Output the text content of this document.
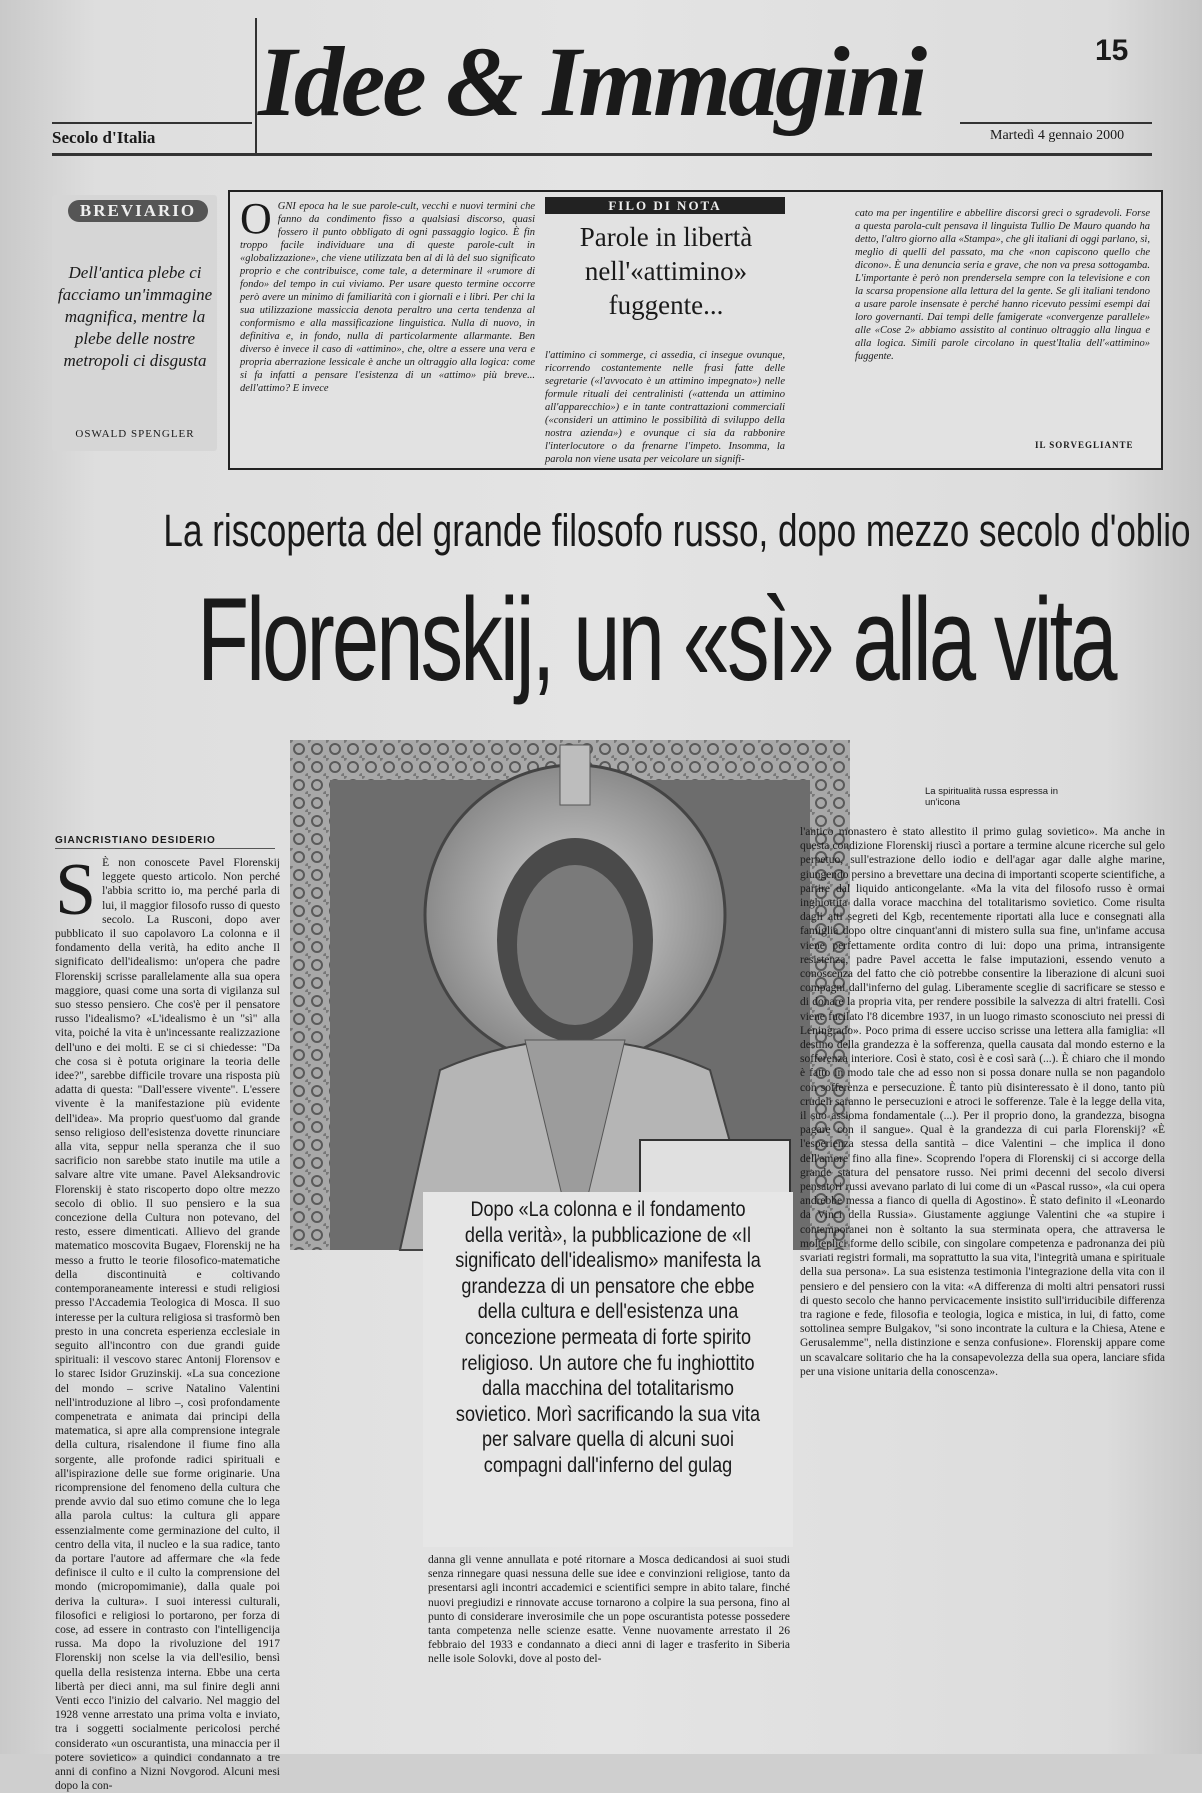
15
Idee & Immagini
Secolo d'Italia	Martedì 4 gennaio 2000
BREVIARIO
Dell'antica plebe ci facciamo un'immagine magnifica, mentre la plebe delle nostre metropoli ci disgusta
OSWALD SPENGLER
OGNI epoca ha le sue parole-cult, vecchi e nuovi termini che fanno da condimento fisso a qualsiasi discorso, quasi fossero il punto obbligato di ogni passaggio logico. È fin troppo facile individuare una di queste parole-cult in «globalizzazione», che viene utilizzata ben al di là del suo significato proprio e che contribuisce, come tale, a determinare il «rumore di fondo» del tempo in cui viviamo. Per usare questo termine occorre però avere un minimo di familiarità con i giornali e i libri. Per chi la sua utilizzazione massiccia denota peraltro una certa tendenza al conformismo e alla massificazione linguistica. Nulla di nuovo, in definitiva e, in fondo, nulla di particolarmente allarmante. Ben diverso è invece il caso di «attimino», che, oltre a essere una vera e propria aberrazione lessicale è anche un oltraggio alla logica: come si fa infatti a pensare l'esistenza di un «attimo» più breve... dell'attimo? E invece
FILO DI NOTA
Parole in libertà nell'«attimino» fuggente...
l'attimino ci sommerge, ci assedia, ci insegue ovunque, ricorrendo costantemente nelle frasi fatte delle segretarie («l'avvocato è un attimino impegnato») nelle formule rituali dei centralinisti («attenda un attimino all'apparecchio») e in tante contrattazioni commerciali («consideri un attimino le possibilità di sviluppo della nostra azienda») e ovunque ci sia da rabbonire l'interlocutore o da frenarne l'impeto. Insomma, la parola non viene usata per veicolare un signifi-
cato ma per ingentilire e abbellire discorsi greci o sgradevoli. Forse a questa parola-cult pensava il linguista Tullio De Mauro quando ha detto, l'altro giorno alla «Stampa», che gli italiani di oggi parlano, sì, meglio di quelli del passato, ma che «non capiscono quello che dicono». È una denuncia seria e grave, che non va presa sottogamba. L'importante è però non prendersela sempre con la televisione e con la scarsa propensione alla lettura del la gente. Se gli italiani tendono a usare parole insensate è perché hanno ricevuto pessimi esempi dai loro governanti. Dai tempi delle famigerate «convergenze parallele» alle «Cose 2» abbiamo assistito al continuo oltraggio alla lingua e alla logica. Simili parole circolano in quest'Italia dell'«attimino» fuggente.
IL SORVEGLIANTE
La riscoperta del grande filosofo russo, dopo mezzo secolo d'oblio
Florenskij, un «sì» alla vita
GIANCRISTIANO DESIDERIO
S È non conoscete Pavel Florenskij leggete questo articolo. Non perché l'abbia scritto io, ma perché parla di lui, il maggior filosofo russo di questo secolo. La Rusconi, dopo aver pubblicato il suo capolavoro La colonna e il fondamento della verità, ha edito anche Il significato dell'idealismo: un'opera che padre Florenskij scrisse parallelamente alla sua opera maggiore, quasi come una sorta di vigilanza sul suo stesso pensiero. Che cos'è per il pensatore russo l'idealismo? «L'idealismo è un "sì" alla vita, poiché la vita è un'incessante realizzazione dell'uno e dei molti. E se ci si chiedesse: "Da che cosa si è potuta originare la teoria delle idee?", sarebbe difficile trovare una risposta più adatta di questa: "Dall'essere vivente". L'essere vivente è la manifestazione più evidente dell'idea». Ma proprio quest'uomo dal grande senso religioso dell'esistenza dovette rinunciare alla vita, seppur nella speranza che il suo sacrificio non sarebbe stato inutile ma utile a salvare altre vite umane. Pavel Aleksandrovic Florenskij è stato riscoperto dopo oltre mezzo secolo di oblio. Il suo pensiero e la sua concezione della Cultura non potevano, del resto, essere dimenticati. Allievo del grande matematico moscovita Bugaev, Florenskij ne ha messo a frutto le teorie filosofico-matematiche della discontinuità e coltivando contemporaneamente interessi e studi religiosi presso l'Accademia Teologica di Mosca. Il suo interesse per la cultura religiosa si trasformò ben presto in una concreta esperienza ecclesiale in seguito all'incontro con due grandi guide spirituali: il vescovo starec Antonij Florensov e lo starec Isidor Gruzinskij. «La sua concezione del mondo – scrive Natalino Valentini nell'introduzione al libro –, così profondamente compenetrata e animata dai principi della matematica, si apre alla comprensione integrale della cultura, risalendone il fiume fino alla sorgente, alle profonde radici spirituali e all'ispirazione delle sue forme originarie. Una ricomprensione del fenomeno della cultura che prende avvio dal suo etimo comune che lo lega alla parola cultus: la cultura gli appare essenzialmente come germinazione del culto, il centro della vita, il nucleo e la sua radice, tanto da portare l'autore ad affermare che «la fede definisce il culto e il culto la comprensione del mondo (micropomimanie), dalla quale poi deriva la cultura». I suoi interessi culturali, filosofici e religiosi lo portarono, per forza di cose, ad essere in contrasto con l'intelligencija russa. Ma dopo la rivoluzione del 1917 Florenskij non scelse la via dell'esilio, bensì quella della resistenza interna. Ebbe una certa libertà per dieci anni, ma sul finire degli anni Venti ecco l'inizio del calvario. Nel maggio del 1928 venne arrestato una prima volta e inviato, tra i soggetti socialmente pericolosi perché considerato «un oscurantista, una minaccia per il potere sovietico» a quindici condannato a tre anni di confino a Nizni Novgorod. Alcuni mesi dopo la con-
La spiritualità russa espressa in un'icona
Dopo «La colonna e il fondamento della verità», la pubblicazione de «Il significato dell'idealismo» manifesta la grandezza di un pensatore che ebbe della cultura e dell'esistenza una concezione permeata di forte spirito religioso. Un autore che fu inghiottito dalla macchina del totalitarismo sovietico. Morì sacrificando la sua vita per salvare quella di alcuni suoi compagni dall'inferno del gulag
danna gli venne annullata e poté ritornare a Mosca dedicandosi ai suoi studi senza rinnegare quasi nessuna delle sue idee e convinzioni religiose, tanto da presentarsi agli incontri accademici e scientifici sempre in abito talare, finché nuovi pregiudizi e rinnovate accuse tornarono a colpire la sua persona, fino al punto di considerare inverosimile che un pope oscurantista potesse possedere tanta competenza nelle scienze esatte. Venne nuovamente arrestato il 26 febbraio del 1933 e condannato a dieci anni di lager e trasferito in Siberia nelle isole Solovki, dove al posto del-
l'antico monastero è stato allestito il primo gulag sovietico». Ma anche in questa condizione Florenskij riuscì a portare a termine alcune ricerche sul gelo perpetuo, sull'estrazione dello iodio e dell'agar agar dalle alghe marine, giungendo persino a brevettare una decina di importanti scoperte scientifiche, a partire dal liquido anticongelante. «Ma la vita del filosofo russo è ormai inghiottita dalla vorace macchina del totalitarismo sovietico. Come risulta dagli atti segreti del Kgb, recentemente riportati alla luce e consegnati alla famiglia dopo oltre cinquant'anni di mistero sulla sua fine, un'infame accusa viene perfettamente ordita contro di lui: dopo una prima, intransigente resistenza, padre Pavel accetta le false imputazioni, essendo venuto a conoscenza del fatto che ciò potrebbe consentire la liberazione di alcuni suoi compagni dall'inferno del gulag. Liberamente sceglie di sacrificare se stesso e di donare la propria vita, per rendere possibile la salvezza di altri fratelli. Così viene fucilato l'8 dicembre 1937, in un luogo rimasto sconosciuto nei pressi di Leningrado». Poco prima di essere ucciso scrisse una lettera alla famiglia: «Il destino della grandezza è la sofferenza, quella causata dal mondo esterno e la sofferenza interiore. Così è stato, così è e così sarà (...). È chiaro che il mondo è fatto in modo tale che ad esso non si possa donare nulla se non pagandolo con sofferenza e persecuzione. È tanto più disinteressato è il dono, tanto più crudeli saranno le persecuzioni e atroci le sofferenze. Tale è la legge della vita, il suo assioma fondamentale (...). Per il proprio dono, la grandezza, bisogna pagare con il sangue». Qual è la grandezza di cui parla Florenskij? «È l'esperienza stessa della santità – dice Valentini – che implica il dono dell'amore fino alla fine». Scoprendo l'opera di Florenskij ci si accorge della grande statura del pensatore russo. Nei primi decenni del secolo diversi pensatori russi avevano parlato di lui come di un «Pascal russo», «la cui opera andrebbe messa a fianco di quella di Agostino». È stato definito il «Leonardo da Vinci della Russia». Giustamente aggiunge Valentini che «a stupire i contemporanei non è soltanto la sua sterminata opera, che attraversa le molteplici forme dello scibile, con singolare competenza e padronanza dei più svariati registri formali, ma soprattutto la sua vita, l'integrità umana e spirituale della sua persona». La sua esistenza testimonia l'integrazione della vita con il pensiero e del pensiero con la vita: «A differenza di molti altri pensatori russi di questo secolo che hanno pervicacemente insistito sull'irriducibile differenza tra ragione e fede, filosofia e teologia, logica e mistica, in lui, di fatto, come sottolinea sempre Bulgakov, "si sono incontrate la cultura e la Chiesa, Atene e Gerusalemme", nella distinzione e senza confusione». Florenskij appare come un scavalcare solitario che ha la consapevolezza della sua opera, lanciare sfida per una visione unitaria della conoscenza».
